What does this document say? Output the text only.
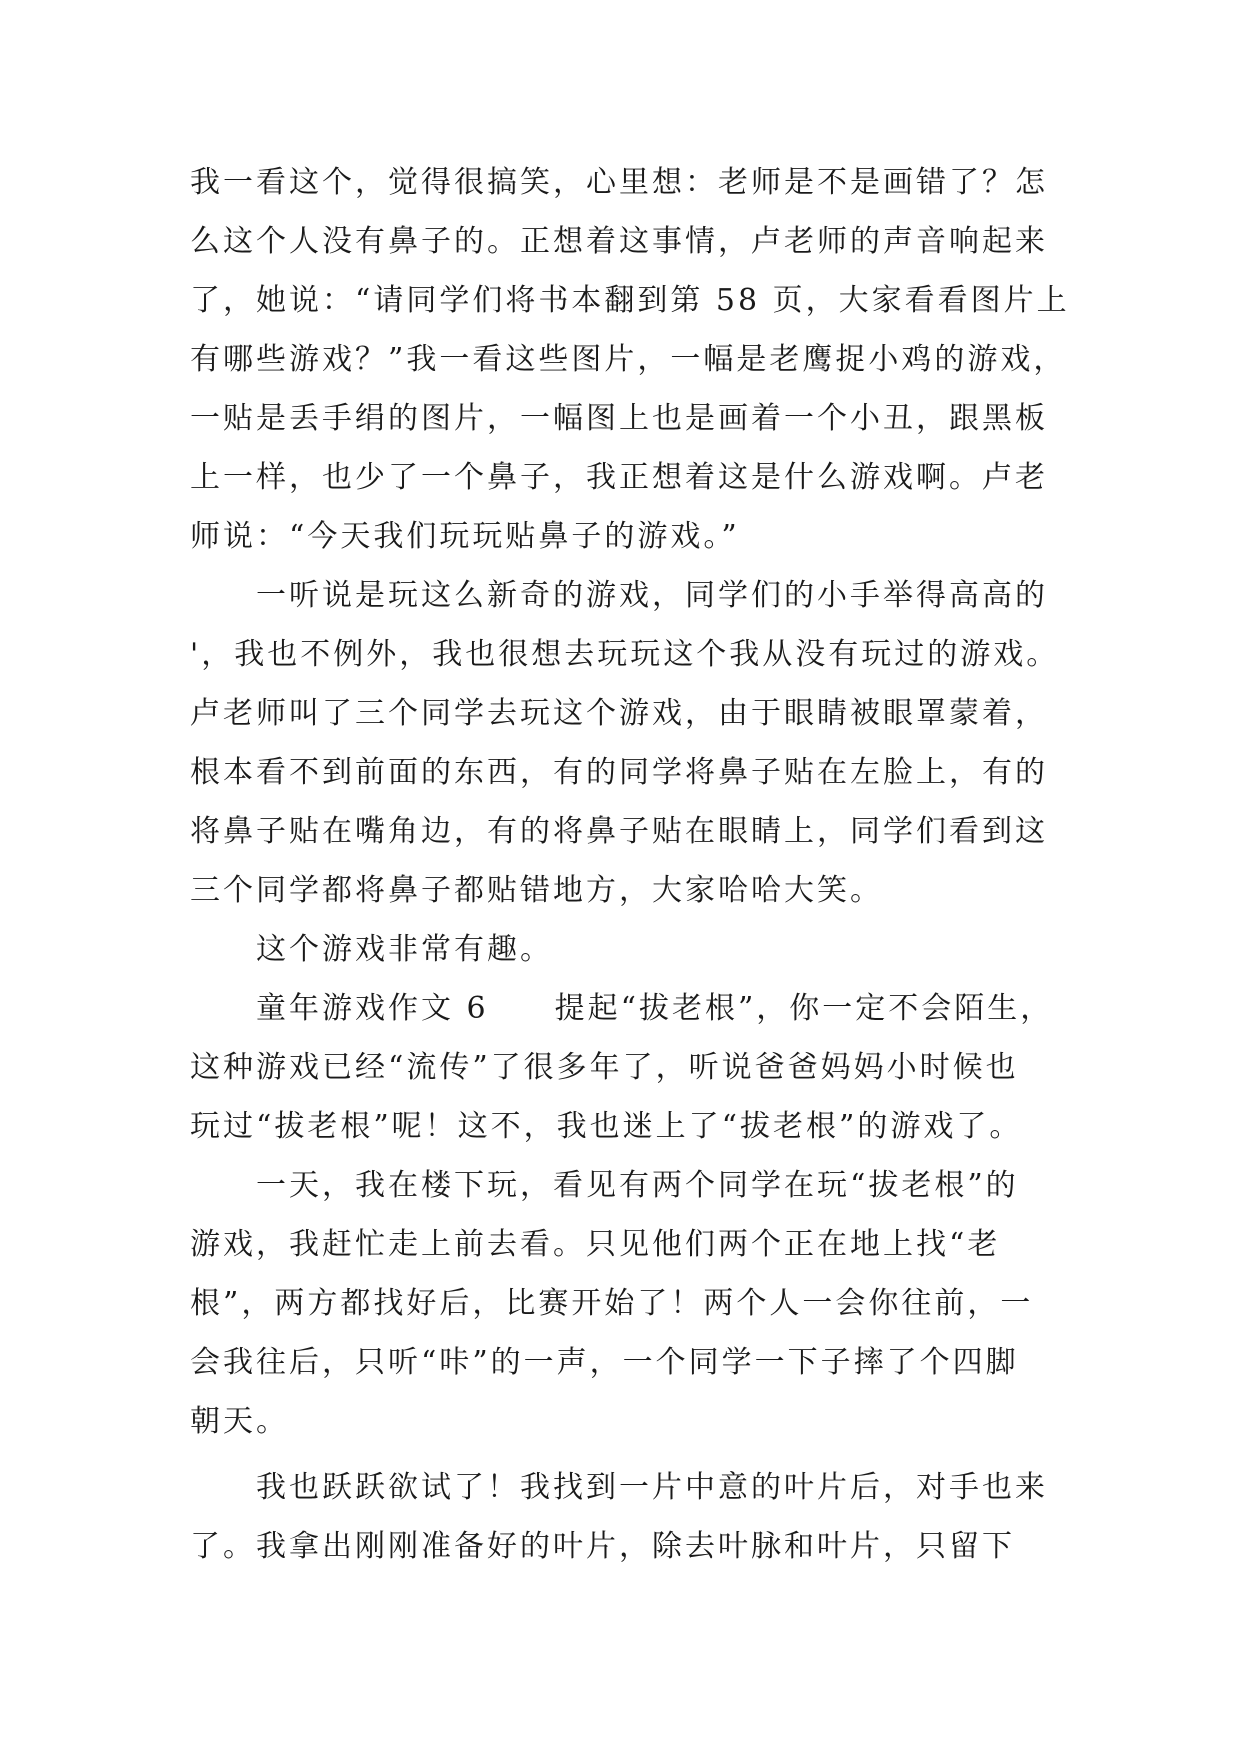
我一看这个，觉得很搞笑，心里想：老师是不是画错了？怎
么这个人没有鼻子的。正想着这事情，卢老师的声音响起来
了，她说：“请同学们将书本翻到第 58 页，大家看看图片上
有哪些游戏？”我一看这些图片，一幅是老鹰捉小鸡的游戏，
一贴是丢手绢的图片，一幅图上也是画着一个小丑，跟黑板
上一样，也少了一个鼻子，我正想着这是什么游戏啊。卢老
师说：“今天我们玩玩贴鼻子的游戏。”
一听说是玩这么新奇的游戏，同学们的小手举得高高的
'，我也不例外，我也很想去玩玩这个我从没有玩过的游戏。
卢老师叫了三个同学去玩这个游戏，由于眼睛被眼罩蒙着，
根本看不到前面的东西，有的同学将鼻子贴在左脸上，有的
将鼻子贴在嘴角边，有的将鼻子贴在眼睛上，同学们看到这
三个同学都将鼻子都贴错地方，大家哈哈大笑。
这个游戏非常有趣。
童年游戏作文 6　　提起“拔老根”，你一定不会陌生，
这种游戏已经“流传”了很多年了，听说爸爸妈妈小时候也
玩过“拔老根”呢！这不，我也迷上了“拔老根”的游戏了。
一天，我在楼下玩，看见有两个同学在玩“拔老根”的
游戏，我赶忙走上前去看。只见他们两个正在地上找“老
根”，两方都找好后，比赛开始了！两个人一会你往前，一
会我往后，只听“咔”的一声，一个同学一下子摔了个四脚
朝天。
我也跃跃欲试了！我找到一片中意的叶片后，对手也来
了。我拿出刚刚准备好的叶片，除去叶脉和叶片，只留下
